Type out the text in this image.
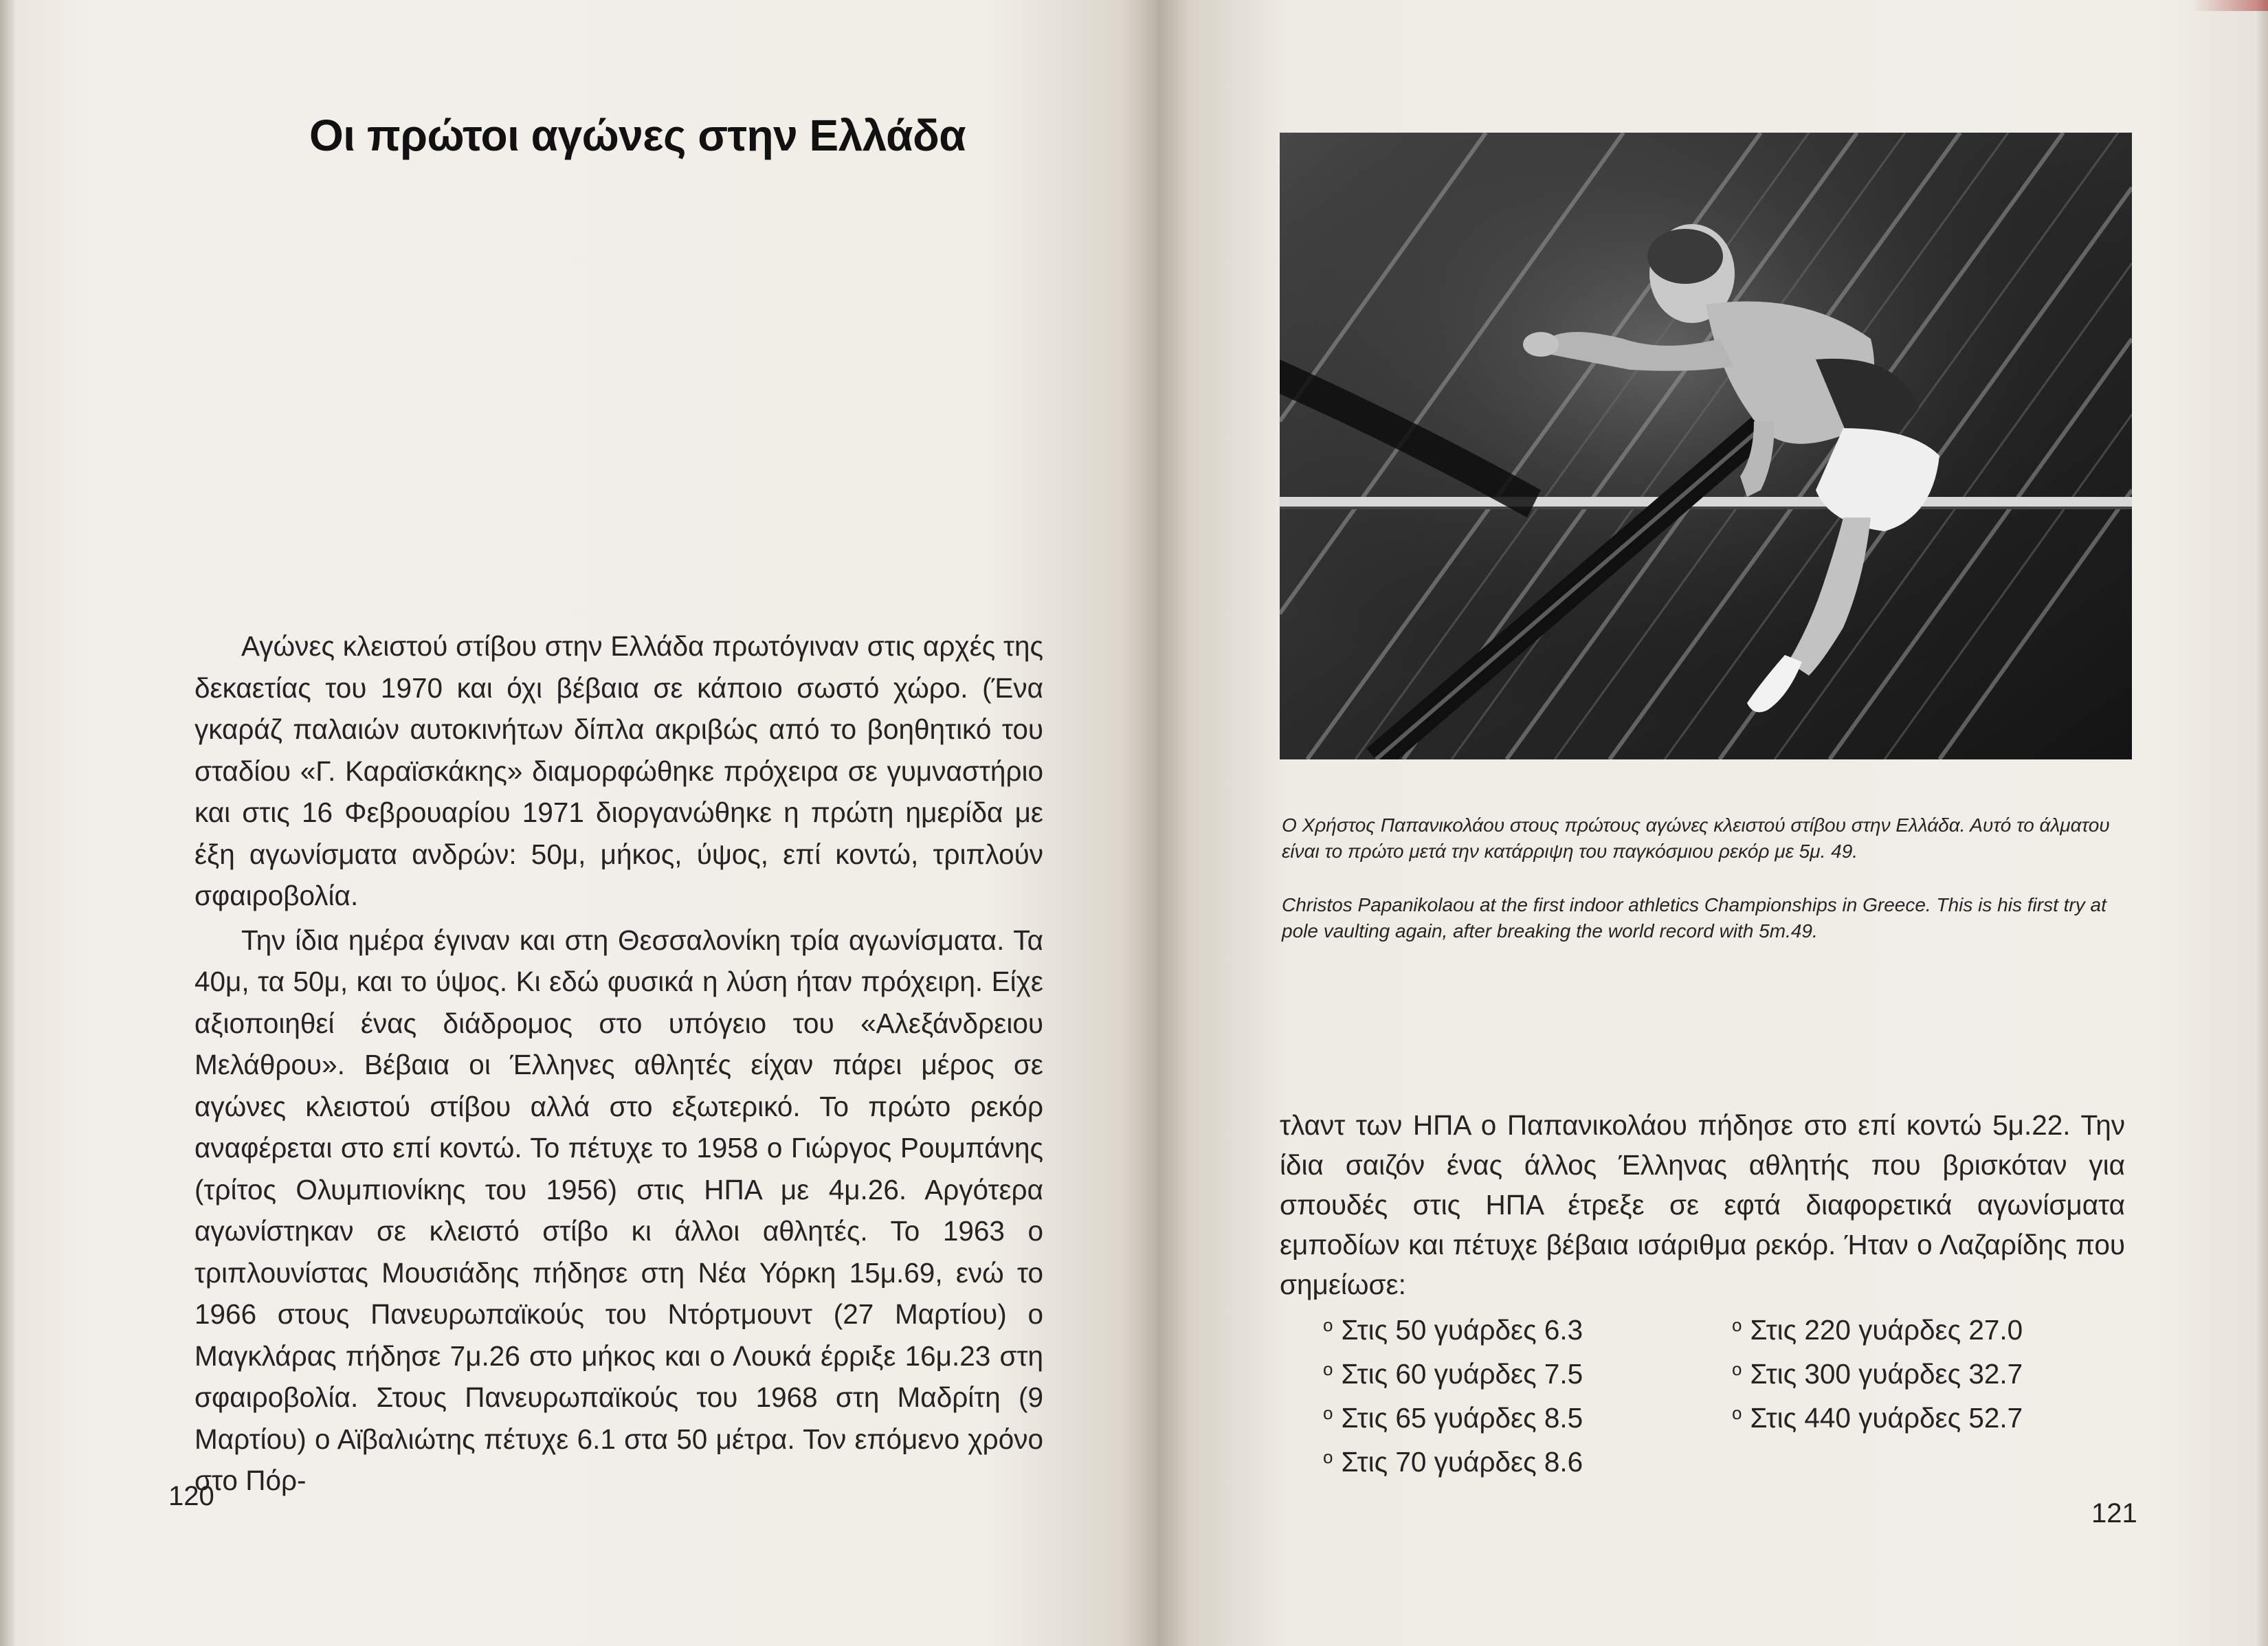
Οι πρώτοι αγώνες στην Ελλάδα

Αγώνες κλειστού στίβου στην Ελλάδα πρωτόγιναν στις αρχές της δεκαετίας του 1970 και όχι βέβαια σε κάποιο σωστό χώρο. (Ένα γκαράζ παλαιών αυτοκινήτων δίπλα ακριβώς από το βοηθητικό του σταδίου «Γ. Καραϊσκάκης» διαμορφώθηκε πρόχειρα σε γυμναστήριο και στις 16 Φεβρουαρίου 1971 διοργανώθηκε η πρώτη ημερίδα με έξη αγωνίσματα ανδρών: 50μ, μήκος, ύψος, επί κοντώ, τριπλούν σφαιροβολία.

Την ίδια ημέρα έγιναν και στη Θεσσαλονίκη τρία αγωνίσματα. Τα 40μ, τα 50μ, και το ύψος. Κι εδώ φυσικά η λύση ήταν πρόχειρη. Είχε αξιοποιηθεί ένας διάδρομος στο υπόγειο του «Αλεξάνδρειου Μελάθρου». Βέβαια οι Έλληνες αθλητές είχαν πάρει μέρος σε αγώνες κλειστού στίβου αλλά στο εξωτερικό. Το πρώτο ρεκόρ αναφέρεται στο επί κοντώ. Το πέτυχε το 1958 ο Γιώργος Ρουμπάνης (τρίτος Ολυμπιονίκης του 1956) στις ΗΠΑ με 4μ.26. Αργότερα αγωνίστηκαν σε κλειστό στίβο κι άλλοι αθλητές. Το 1963 ο τριπλουνίστας Μουσιάδης πήδησε στη Νέα Υόρκη 15μ.69, ενώ το 1966 στους Πανευρωπαϊκούς του Ντόρτμουντ (27 Μαρτίου) ο Μαγκλάρας πήδησε 7μ.26 στο μήκος και ο Λουκά έρριξε 16μ.23 στη σφαιροβολία. Στους Πανευρωπαϊκούς του 1968 στη Μαδρίτη (9 Μαρτίου) ο Αϊβαλιώτης πέτυχε 6.1 στα 50 μέτρα. Τον επόμενο χρόνο στο Πόρ-

120

Ο Χρήστος Παπανικολάου στους πρώτους αγώνες κλειστού στίβου στην Ελλάδα. Αυτό το άλματου είναι το πρώτο μετά την κατάρριψη του παγκόσμιου ρεκόρ με 5μ. 49.

Christos Papanikolaou at the first indoor athletics Championships in Greece. This is his first try at pole vaulting again, after breaking the world record with 5m.49.

τλαντ των ΗΠΑ ο Παπανικολάου πήδησε στο επί κοντώ 5μ.22. Την ίδια σαιζόν ένας άλλος Έλληνας αθλητής που βρισκόταν για σπουδές στις ΗΠΑ έτρεξε σε εφτά διαφορετικά αγωνίσματα εμποδίων και πέτυχε βέβαια ισάριθμα ρεκόρ. Ήταν ο Λαζαρίδης που σημείωσε:

$^o$ Στις 50 γυάρδες 6.3
$^o$ Στις 60 γυάρδες 7.5
$^o$ Στις 65 γυάρδες 8.5
$^o$ Στις 70 γυάρδες 8.6
$^o$ Στις 220 γυάρδες 27.0
$^o$ Στις 300 γυάρδες 32.7
$^o$ Στις 440 γυάρδες 52.7
121
